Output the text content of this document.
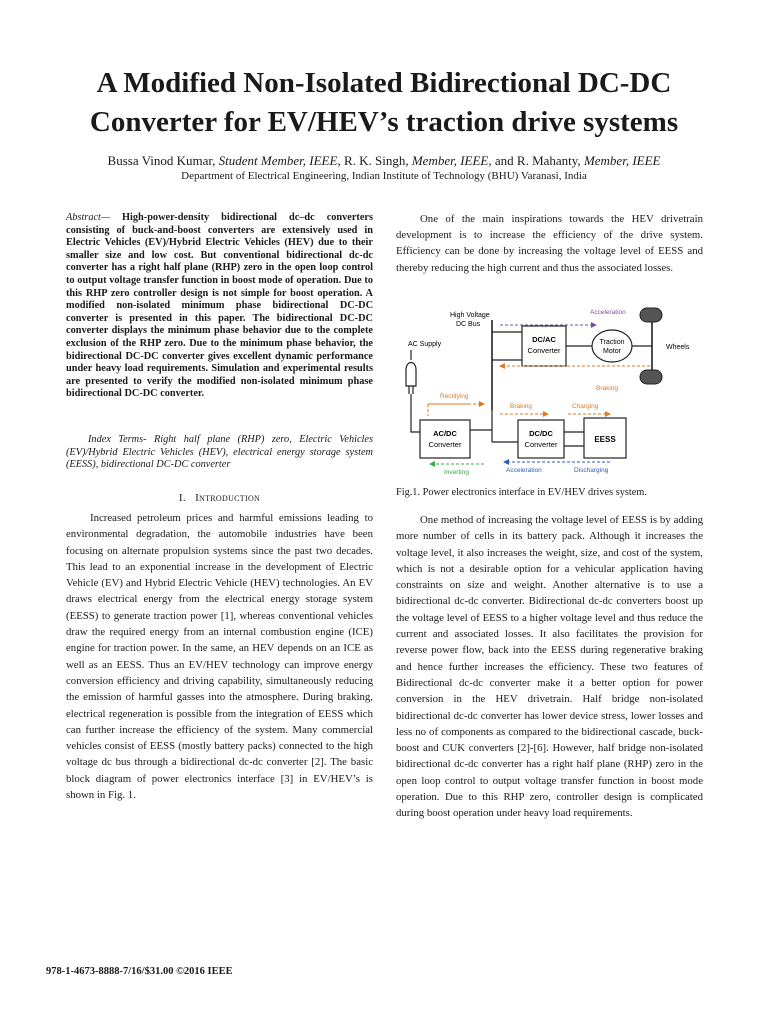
A Modified Non-Isolated Bidirectional DC-DC Converter for EV/HEV’s traction drive systems
Bussa Vinod Kumar, Student Member, IEEE, R. K. Singh, Member, IEEE, and R. Mahanty, Member, IEEE
Department of Electrical Engineering, Indian Institute of Technology (BHU) Varanasi, India
Abstract— High-power-density bidirectional dc–dc converters consisting of buck-and-boost converters are extensively used in Electric Vehicles (EV)/Hybrid Electric Vehicles (HEV) due to their smaller size and low cost. But conventional bidirectional dc-dc converter has a right half plane (RHP) zero in the open loop control to output voltage transfer function in boost mode of operation. Due to this RHP zero controller design is not simple for boost operation. A modified non-isolated minimum phase bidirectional DC-DC converter is presented in this paper. The bidirectional DC-DC converter displays the minimum phase behavior due to the complete exclusion of the RHP zero. Due to the minimum phase behavior, the bidirectional DC-DC converter gives excellent dynamic performance under heavy load requirements. Simulation and experimental results are presented to verify the modified non-isolated minimum phase bidirectional DC-DC converter.
Index Terms- Right half plane (RHP) zero, Electric Vehicles (EV)/Hybrid Electric Vehicles (HEV), electrical energy storage system (EESS), bidirectional DC-DC converter
I. Introduction
Increased petroleum prices and harmful emissions leading to environmental degradation, the automobile industries have been focusing on alternate propulsion systems since the past two decades. This lead to an exponential increase in the development of Electric Vehicle (EV) and Hybrid Electric Vehicle (HEV) technologies. An EV draws electrical energy from the electrical energy storage system (EESS) to generate traction power [1], whereas conventional vehicles draw the required energy from an internal combustion engine (ICE) engine for traction power. In the same, an HEV depends on an ICE as well as an EESS. Thus an EV/HEV technology can improve energy conversion efficiency and driving capability, simultaneously reducing the emission of harmful gasses into the atmosphere. During braking, electrical regeneration is possible from the integration of EESS which can further increase the efficiency of the system. Many commercial vehicles consist of EESS (mostly battery packs) connected to the high voltage dc bus through a bidirectional dc-dc converter [2]. The basic block diagram of power electronics interface [3] in EV/HEV’s is shown in Fig. 1.
One of the main inspirations towards the HEV drivetrain development is to increase the efficiency of the drive system. Efficiency can be done by increasing the voltage level of EESS and thereby reducing the high current and thus the associated losses.
High Voltage
DC Bus
AC Supply
DC/AC
Converter
Traction
Motor
Wheels
Acceleration
Braking
AC/DC
Converter
DC/DC
Converter
EESS
Rectifying
Braking	Charging
Inverting	Acceleration	Discharging
Fig.1. Power electronics interface in EV/HEV drives system.
One method of increasing the voltage level of EESS is by adding more number of cells in its battery pack. Although it increases the voltage level, it also increases the weight, size, and cost of the system, which is not a desirable option for a vehicular application having constraints on size and weight. Another alternative is to use a bidirectional dc-dc converter. Bidirectional dc-dc converters boost up the voltage level of EESS to a higher voltage level and thus reduce the current and associated losses. It also facilitates the provision for reverse power flow, back into the EESS during regenerative braking and hence further increases the efficiency. These two features of Bidirectional dc-dc converter make it a better option for power conversion in the HEV drivetrain. Half bridge non-isolated bidirectional dc-dc converter has lower device stress, lower losses and less no of components as compared to the bidirectional cascade, buck-boost and CUK converters [2]-[6]. However, half bridge non-isolated bidirectional dc-dc converter has a right half plane (RHP) zero in the open loop control to output voltage transfer function in boost mode operation. Due to this RHP zero, controller design is complicated during boost operation under heavy load requirements.
978-1-4673-8888-7/16/$31.00 ©2016 IEEE
